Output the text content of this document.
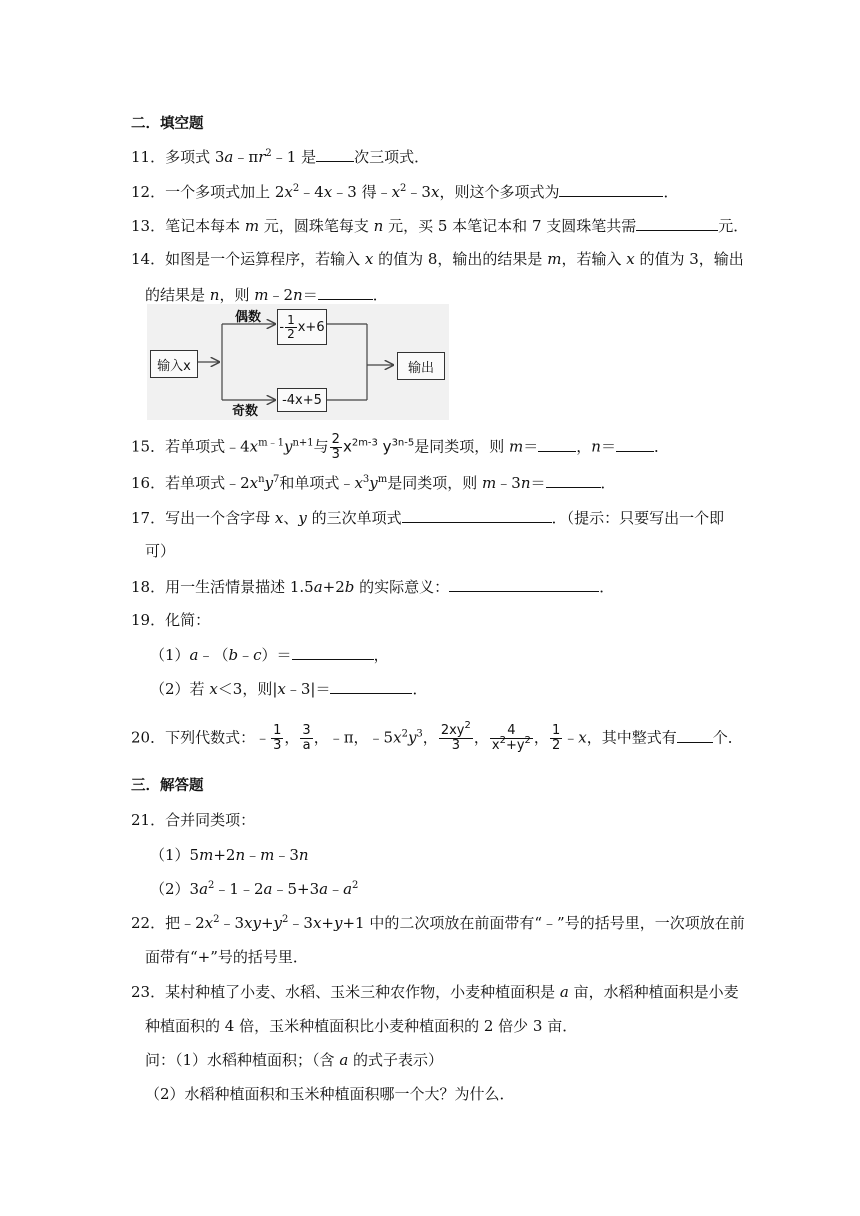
二．填空题
11．多项式 $3a﹣\pi r^2﹣1$ 是	次三项式．
12．一个多项式加上 $2x^2﹣4x﹣3$ 得$﹣x^2﹣3x$，则这个多项式为	．
13．笔记本每本 m 元，圆珠笔每支 n 元，买 5 本笔记本和 7 支圆珠笔共需	元．
14．如图是一个运算程序，若输入 x 的值为 8，输出的结果是 m，若输入 x 的值为 3，输出
的结果是 n，则 m﹣2n＝	．
输入x
偶数
奇数
- $\frac{1}{2} x+6$
-4x+5
输出
15．若单项式$﹣4x^{m﹣1}y^{n+1}$与 $\frac{2}{3} x^{2m-3}$ $y^{3n-5}$是同类项，则 m＝	，n＝	．
16．若单项式$﹣2x^ny^7$和单项式$﹣x^3y^m$是同类项，则 m﹣3n＝	．
17．写出一个含字母 x、y 的三次单项式	．（提示：只要写出一个即
可）
18．用一生活情景描述 1.5a+2b 的实际意义：	．
19．化简：
（1）a﹣（b﹣c）＝	，
（2）若 x＜3，则|x﹣3|＝	．
20．下列代数式：﹣ $\frac{1}{3}$ ， $\frac{3}{a}$ ，﹣π，$﹣5x^2y^3$， $\frac{2xy^2}{3}$ ， $\frac{4}{x^2+y^2}$ ， $\frac{1}{2}$ ﹣x，其中整式有 个．
三．解答题
21．合并同类项：
（1）5m+2n﹣m﹣3n
$(2)3a^2﹣1﹣2a﹣5+3a﹣a^2$
22．把$﹣2x^2﹣3xy+y^2﹣3x+y+1$ 中的二次项放在前面带有“﹣”号的括号里，一次项放在前
面带有“+”号的括号里．
23．某村种植了小麦、水稻、玉米三种农作物，小麦种植面积是 a 亩，水稻种植面积是小麦
种植面积的 4 倍，玉米种植面积比小麦种植面积的 2 倍少 3 亩．
问：（1）水稻种植面积；（含 a 的式子表示）
（2）水稻种植面积和玉米种植面积哪一个大？为什么．
